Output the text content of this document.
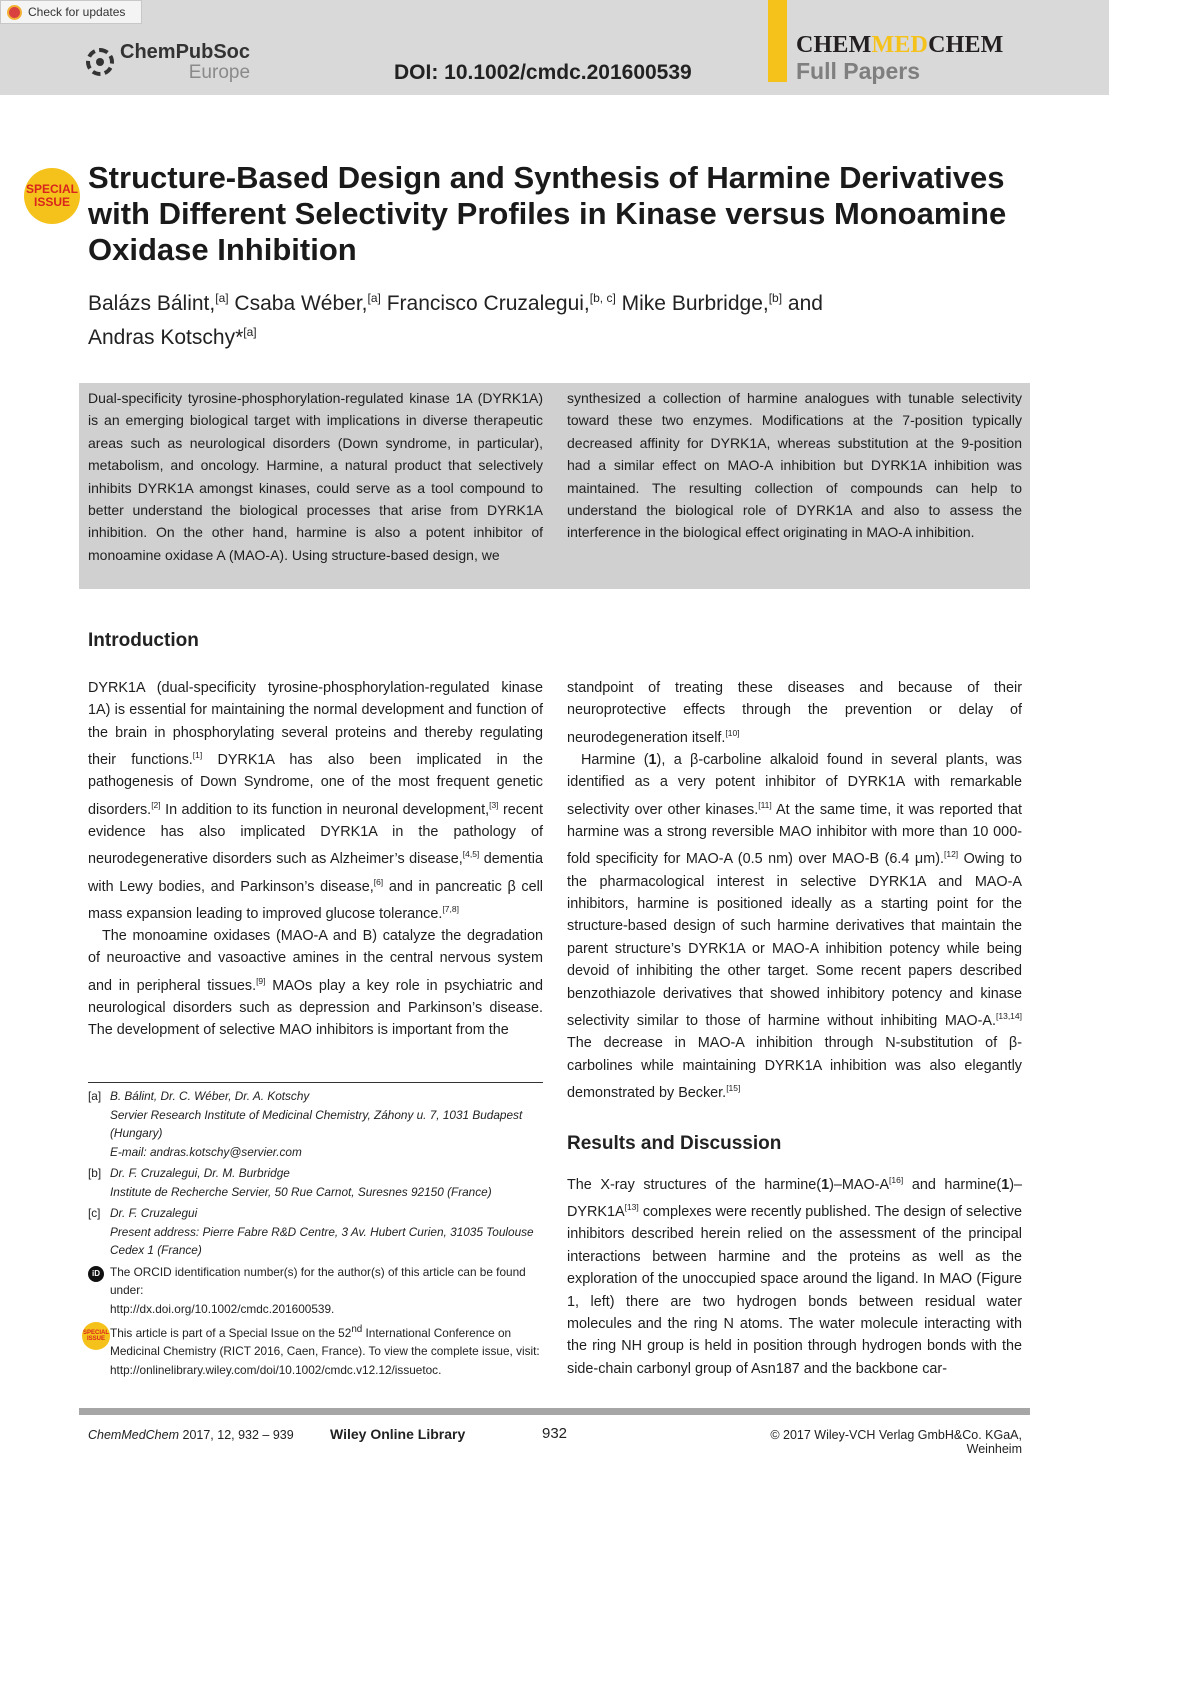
Check for updates
ChemPubSoc
Europe	DOI: 10.1002/cmdc.201600539
CHEMMEDCHEM
Full Papers
SPECIAL
ISSUE
Structure-Based Design and Synthesis of Harmine Derivatives with Different Selectivity Profiles in Kinase versus Monoamine Oxidase Inhibition
Balázs Bálint,[a] Csaba Wéber,[a] Francisco Cruzalegui,[b, c] Mike Burbridge,[b] and
Andras Kotschy*[a]

Dual-specificity tyrosine-phosphorylation-regulated kinase 1A (DYRK1A) is an emerging biological target with implications in diverse therapeutic areas such as neurological disorders (Down syndrome, in particular), metabolism, and oncology. Harmine, a natural product that selectively inhibits DYRK1A amongst kinases, could serve as a tool compound to better understand the biological processes that arise from DYRK1A inhibition. On the other hand, harmine is also a potent inhibitor of monoamine oxidase A (MAO-A). Using structure-based design, we

synthesized a collection of harmine analogues with tunable selectivity toward these two enzymes. Modifications at the 7-position typically decreased affinity for DYRK1A, whereas substitution at the 9-position had a similar effect on MAO-A inhibition but DYRK1A inhibition was maintained. The resulting collection of compounds can help to understand the biological role of DYRK1A and also to assess the interference in the biological effect originating in MAO-A inhibition.

Introduction

DYRK1A (dual-specificity tyrosine-phosphorylation-regulated kinase 1A) is essential for maintaining the normal development and function of the brain in phosphorylating several proteins and thereby regulating their functions.[1] DYRK1A has also been implicated in the pathogenesis of Down Syndrome, one of the most frequent genetic disorders.[2] In addition to its function in neuronal development,[3] recent evidence has also implicated DYRK1A in the pathology of neurodegenerative disorders such as Alzheimer’s disease,[4,5] dementia with Lewy bodies, and Parkinson’s disease,[6] and in pancreatic β cell mass expansion leading to improved glucose tolerance.[7,8]

The monoamine oxidases (MAO-A and B) catalyze the degradation of neuroactive and vasoactive amines in the central nervous system and in peripheral tissues.[9] MAOs play a key role in psychiatric and neurological disorders such as depression and Parkinson’s disease. The development of selective MAO inhibitors is important from the

Harmine (1), a β-carboline alkaloid found in several plants, was identified as a very potent inhibitor of DYRK1A with remarkable selectivity over other kinases.[11] At the same time, it was reported that harmine was a strong reversible MAO inhibitor with more than 10 000-fold specificity for MAO-A (0.5 nm) over MAO-B (6.4 μm).[12] Owing to the pharmacological interest in selective DYRK1A and MAO-A inhibitors, harmine is positioned ideally as a starting point for the structure-based design of such harmine derivatives that maintain the parent structure’s DYRK1A or MAO-A inhibition potency while being devoid of inhibiting the other target. Some recent papers described benzothiazole derivatives that showed inhibitory potency and kinase selectivity similar to those of harmine without inhibiting MAO-A.[13,14] The decrease in MAO-A inhibition through N-substitution of β-carbolines while maintaining DYRK1A inhibition was also elegantly demonstrated by Becker.[15]

Results and Discussion

The X-ray structures of the harmine(1)–MAO-A[16] and harmine(1)–DYRK1A[13] complexes were recently published. The design of selective inhibitors described herein relied on the assessment of the principal interactions between harmine and the proteins as well as the exploration of the unoccupied space around the ligand. In MAO (Figure 1, left) there are two hydrogen bonds between residual water molecules and the ring N atoms. The water molecule interacting with the ring NH group is held in position through hydrogen bonds with the side-chain carbonyl group of Asn187 and the backbone car-

standpoint of treating these diseases and because of their neuroprotective effects through the prevention or delay of neurodegeneration itself.[10]

[a] B. Bálint, Dr. C. Wéber, Dr. A. Kotschy
Servier Research Institute of Medicinal Chemistry, Záhony u. 7, 1031 Budapest (Hungary)
E-mail: andras.kotschy@servier.com
[b] Dr. F. Cruzalegui, Dr. M. Burbridge
Institute de Recherche Servier, 50 Rue Carnot, Suresnes 92150 (France)
[c] Dr. F. Cruzalegui
Present address: Pierre Fabre R&D Centre, 3 Av. Hubert Curien, 31035 Toulouse Cedex 1 (France)
iD The ORCID identification number(s) for the author(s) of this article can be found under:
http://dx.doi.org/10.1002/cmdc.201600539.
SPECIAL
ISSUE This article is part of a Special Issue on the 52nd International Conference on Medicinal Chemistry (RICT 2016, Caen, France). To view the complete issue, visit:
http://onlinelibrary.wiley.com/doi/10.1002/cmdc.v12.12/issuetoc.
ChemMedChem 2017, 12, 932 – 939	Wiley Online Library	932	© 2017 Wiley-VCH Verlag GmbH&Co. KGaA, Weinheim
